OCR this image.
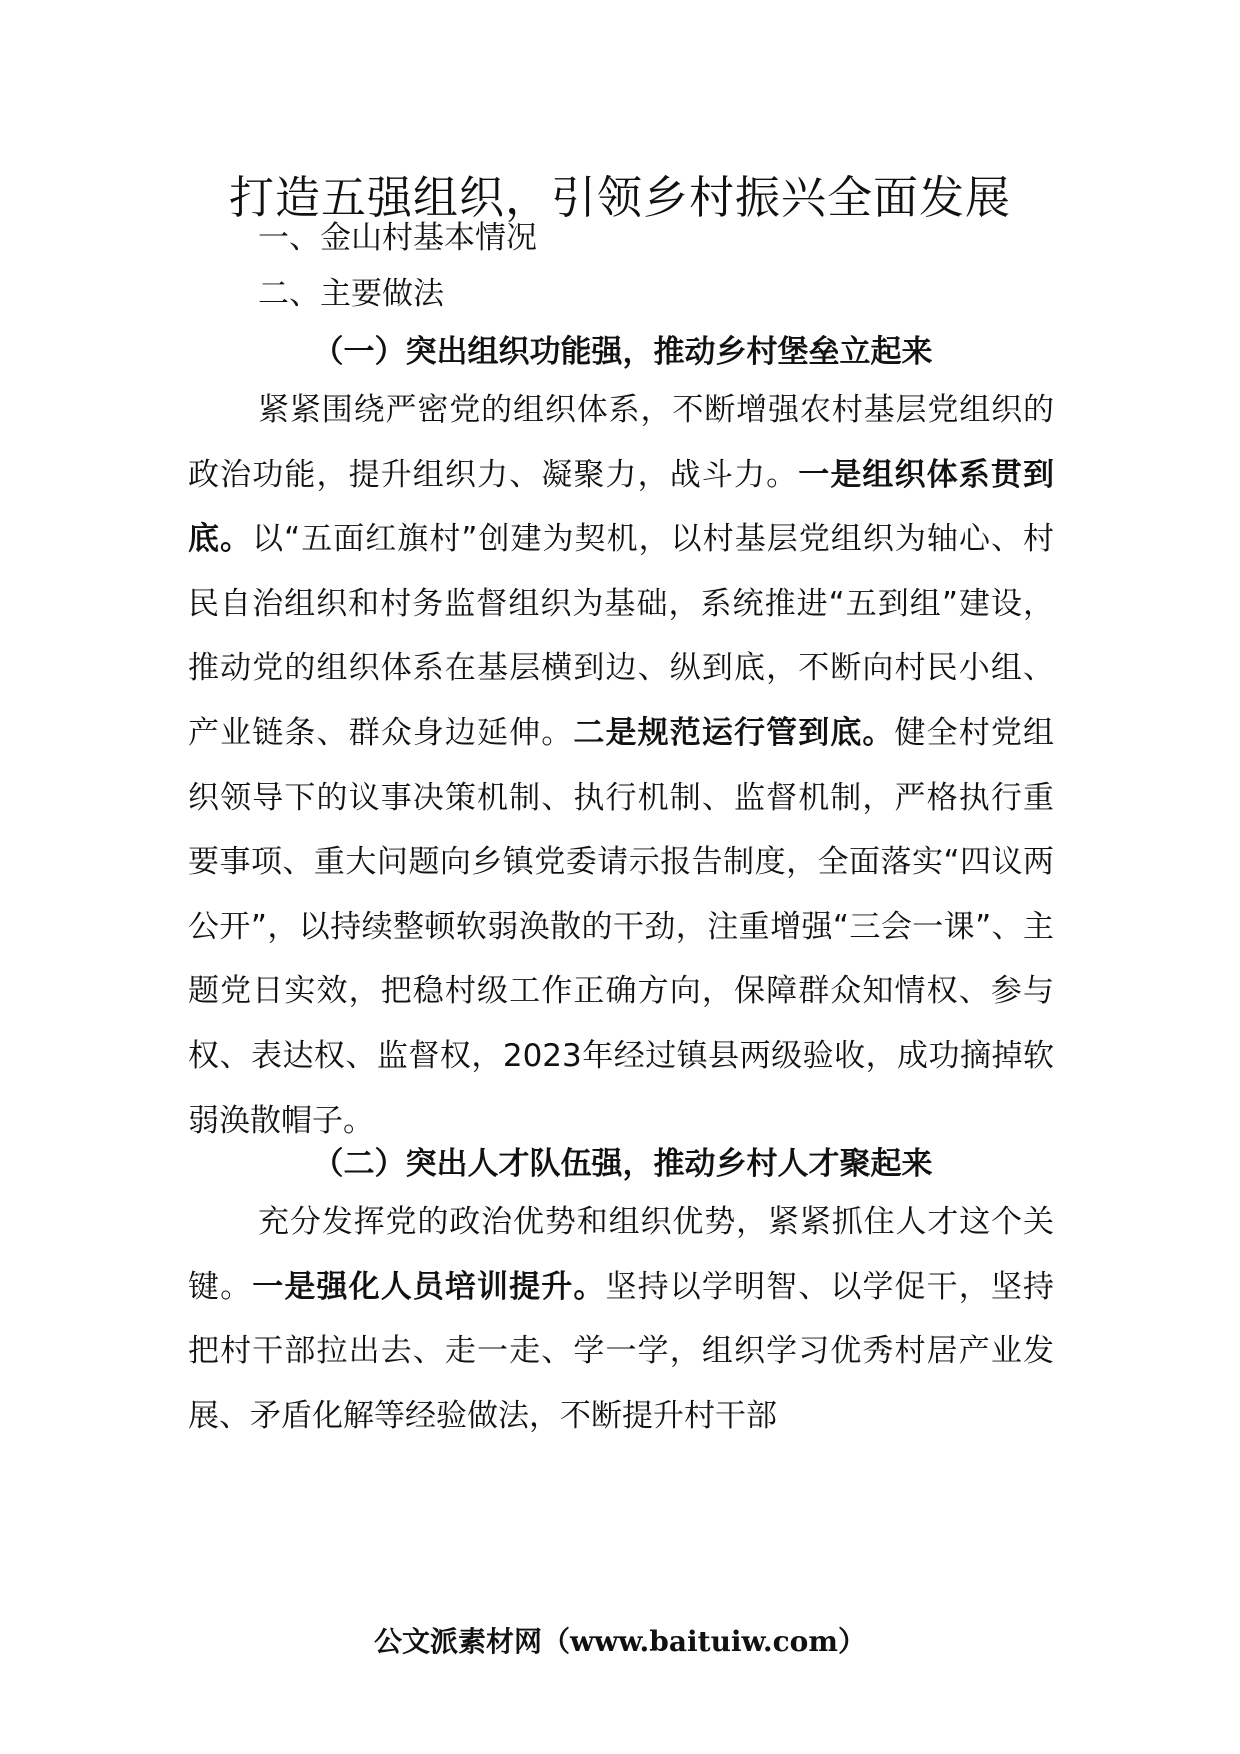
打造五强组织，引领乡村振兴全面发展

一、金山村基本情况

二、主要做法

（一）突出组织功能强，推动乡村堡垒立起来

紧紧围绕严密党的组织体系，不断增强农村基层党组织的政治功能，提升组织力、凝聚力，战斗力。一是组织体系贯到底。以“五面红旗村”创建为契机，以村基层党组织为轴心、村民自治组织和村务监督组织为基础，系统推进“五到组”建设，推动党的组织体系在基层横到边、纵到底，不断向村民小组、产业链条、群众身边延伸。二是规范运行管到底。健全村党组织领导下的议事决策机制、执行机制、监督机制，严格执行重要事项、重大问题向乡镇党委请示报告制度，全面落实“四议两公开”，以持续整顿软弱涣散的干劲，注重增强“三会一课”、主题党日实效，把稳村级工作正确方向，保障群众知情权、参与权、表达权、监督权，2023年经过镇县两级验收，成功摘掉软弱涣散帽子。

（二）突出人才队伍强，推动乡村人才聚起来

充分发挥党的政治优势和组织优势，紧紧抓住人才这个关键。一是强化人员培训提升。坚持以学明智、以学促干，坚持把村干部拉出去、走一走、学一学，组织学习优秀村居产业发展、矛盾化解等经验做法，不断提升村干部

公文派素材网（www.baituiw.com）
